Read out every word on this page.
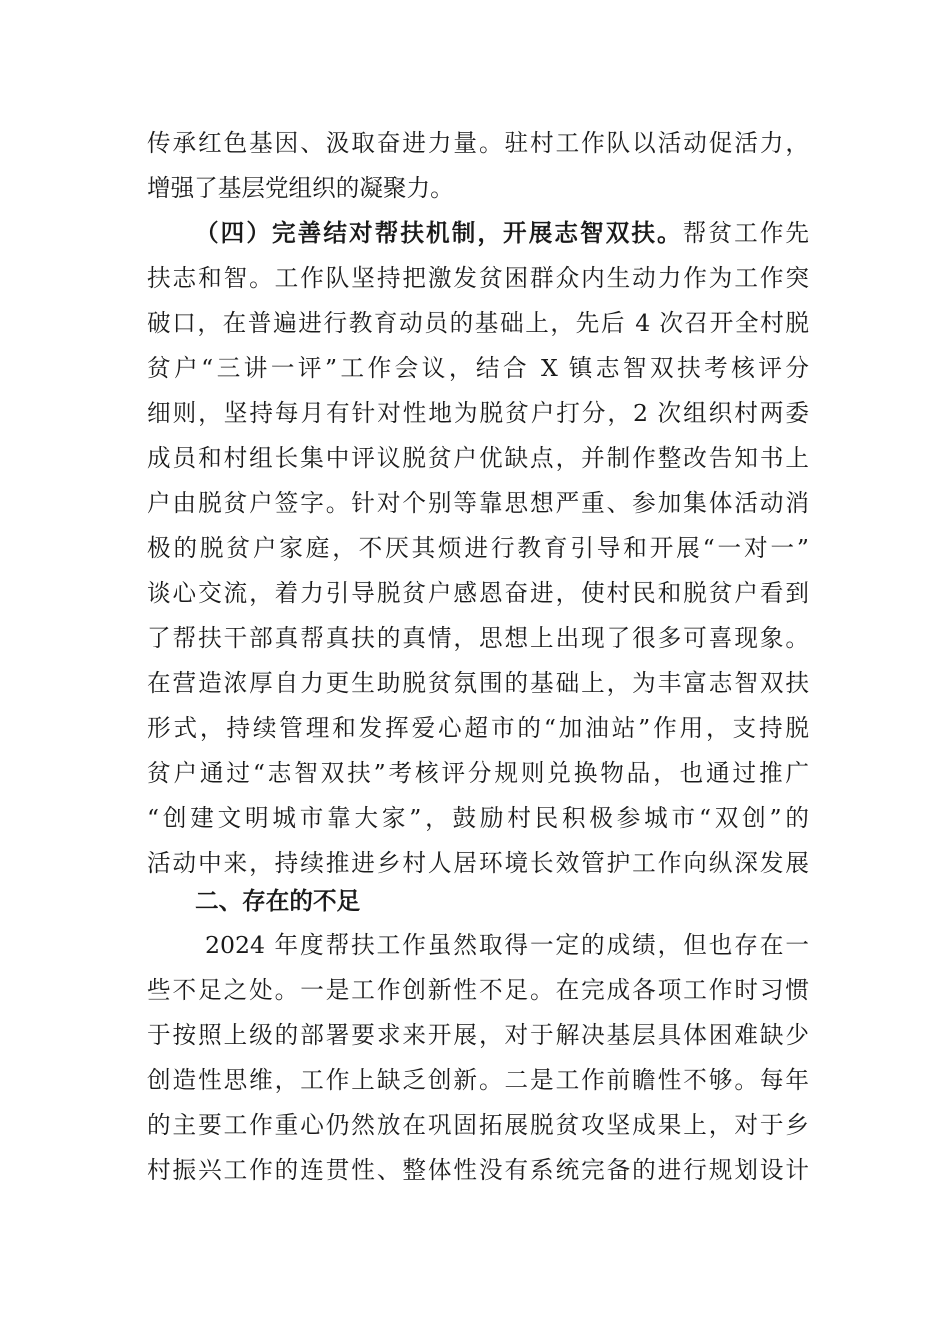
传承红色基因、汲取奋进力量。驻村工作队以活动促活力，
增强了基层党组织的凝聚力。
（四）完善结对帮扶机制，开展志智双扶。帮贫工作先
扶志和智。工作队坚持把激发贫困群众内生动力作为工作突
破口，在普遍进行教育动员的基础上，先后 4 次召开全村脱
贫户“三讲一评”工作会议，结合 X 镇志智双扶考核评分
细则，坚持每月有针对性地为脱贫户打分，2 次组织村两委
成员和村组长集中评议脱贫户优缺点，并制作整改告知书上
户由脱贫户签字。针对个别等靠思想严重、参加集体活动消
极的脱贫户家庭，不厌其烦进行教育引导和开展“一对一”
谈心交流，着力引导脱贫户感恩奋进，使村民和脱贫户看到
了帮扶干部真帮真扶的真情，思想上出现了很多可喜现象。
在营造浓厚自力更生助脱贫氛围的基础上，为丰富志智双扶
形式，持续管理和发挥爱心超市的“加油站”作用，支持脱
贫户通过“志智双扶”考核评分规则兑换物品，也通过推广
“创建文明城市靠大家”，鼓励村民积极参城市“双创”的
活动中来，持续推进乡村人居环境长效管护工作向纵深发展
二、存在的不足
2024 年度帮扶工作虽然取得一定的成绩，但也存在一
些不足之处。一是工作创新性不足。在完成各项工作时习惯
于按照上级的部署要求来开展，对于解决基层具体困难缺少
创造性思维，工作上缺乏创新。二是工作前瞻性不够。每年
的主要工作重心仍然放在巩固拓展脱贫攻坚成果上，对于乡
村振兴工作的连贯性、整体性没有系统完备的进行规划设计
